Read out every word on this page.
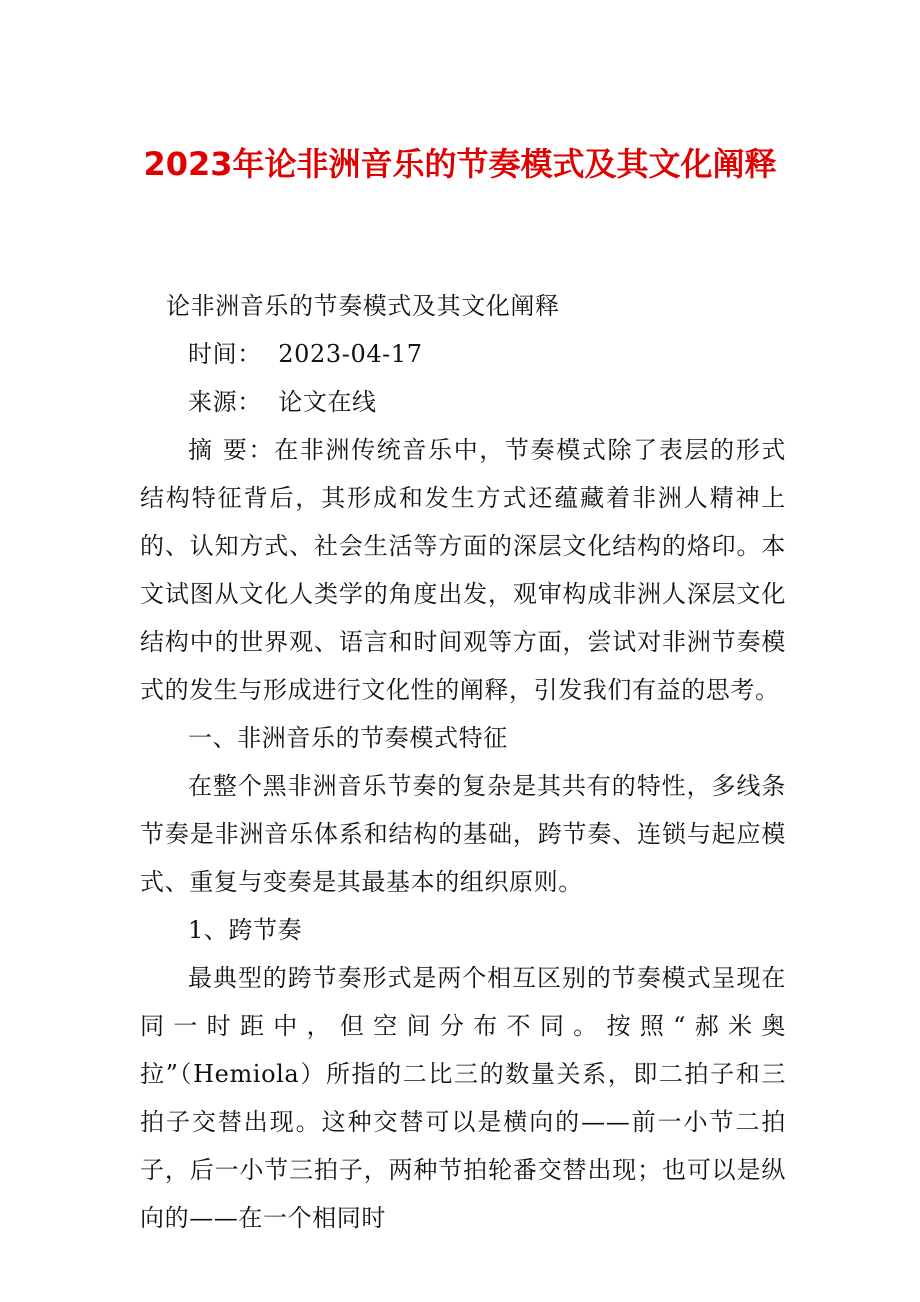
2023年论非洲音乐的节奏模式及其文化阐释

论非洲音乐的节奏模式及其文化阐释

时间：  2023-04-17

来源：  论文在线

摘 要：在非洲传统音乐中，节奏模式除了表层的形式结构特征背后，其形成和发生方式还蕴藏着非洲人精神上的、认知方式、社会生活等方面的深层文化结构的烙印。本文试图从文化人类学的角度出发，观审构成非洲人深层文化结构中的世界观、语言和时间观等方面，尝试对非洲节奏模式的发生与形成进行文化性的阐释，引发我们有益的思考。

一、非洲音乐的节奏模式特征

在整个黑非洲音乐节奏的复杂是其共有的特性，多线条节奏是非洲音乐体系和结构的基础，跨节奏、连锁与起应模式、重复与变奏是其最基本的组织原则。

1、跨节奏

最典型的跨节奏形式是两个相互区别的节奏模式呈现在同一时距中，但空间分布不同。按照“郝米奥拉”（Hemiola）所指的二比三的数量关系，即二拍子和三拍子交替出现。这种交替可以是横向的——前一小节二拍子，后一小节三拍子，两种节拍轮番交替出现；也可以是纵向的——在一个相同时
